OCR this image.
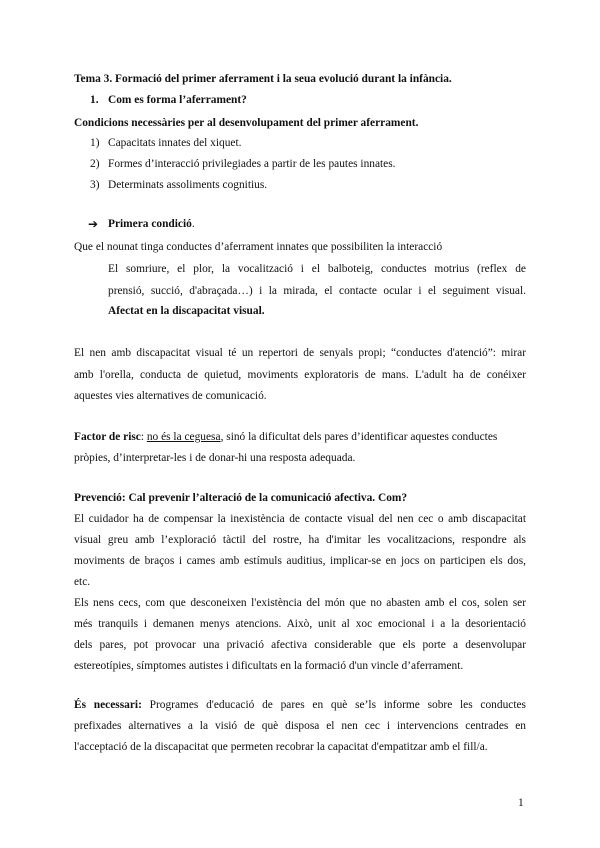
Tema 3. Formació del primer aferrament i la seua evolució durant la infància.
1. Com es forma l’aferrament?
Condicions necessàries per al desenvolupament del primer aferrament.
1) Capacitats innates del xiquet.
2) Formes d’interacció privilegiades a partir de les pautes innates.
3) Determinats assoliments cognitius.
➔ Primera condició.
Que el nounat tinga conductes d’aferrament innates que possibiliten la interacció
El somriure, el plor, la vocalització i el balboteig, conductes motrius (reflex de
prensió, succió, d'abraçada…) i la mirada, el contacte ocular i el seguiment visual.
Afectat en la discapacitat visual.
El nen amb discapacitat visual té un repertori de senyals propi; “conductes d'atenció”: mirar
amb l'orella, conducta de quietud, moviments exploratoris de mans. L'adult ha de conéixer
aquestes vies alternatives de comunicació.
Factor de risc: no és la ceguesa, sinó la dificultat dels pares d’identificar aquestes conductes
pròpies, d’interpretar-les i de donar-hi una resposta adequada.
Prevenció: Cal prevenir l’alteració de la comunicació afectiva. Com?
El cuidador ha de compensar la inexistència de contacte visual del nen cec o amb discapacitat
visual greu amb l’exploració tàctil del rostre, ha d'imitar les vocalitzacions, respondre als
moviments de braços i cames amb estímuls auditius, implicar-se en jocs on participen els dos,
etc.
Els nens cecs, com que desconeixen l'existència del món que no abasten amb el cos, solen ser
més tranquils i demanen menys atencions. Això, unit al xoc emocional i a la desorientació
dels pares, pot provocar una privació afectiva considerable que els porte a desenvolupar
estereotípies, símptomes autistes i dificultats en la formació d'un vincle d’aferrament.
És necessari: Programes d'educació de pares en què se’ls informe sobre les conductes
prefixades alternatives a la visió de què disposa el nen cec i intervencions centrades en
l'acceptació de la discapacitat que permeten recobrar la capacitat d'empatitzar amb el fill/a.
1
